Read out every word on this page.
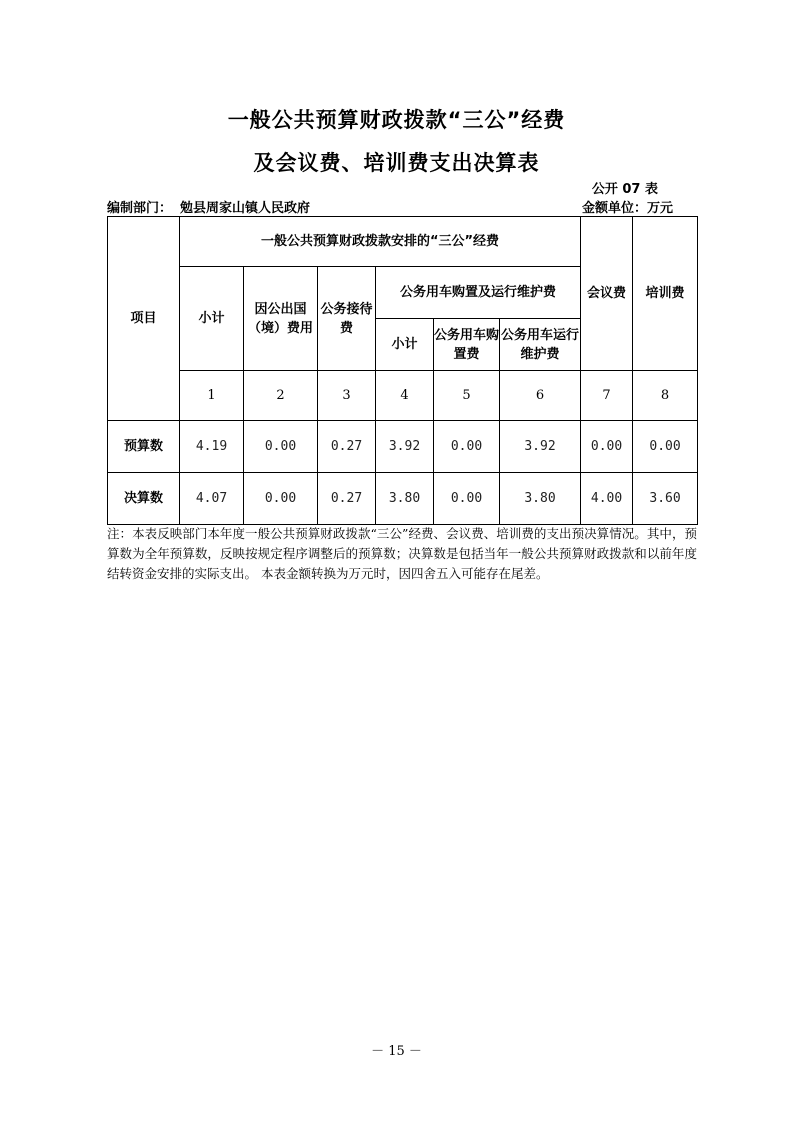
一般公共预算财政拨款“三公”经费
及会议费、培训费支出决算表
公开 07 表
编制部门： 勉县周家山镇人民政府	金额单位：万元
项目	一般公共预算财政拨款安排的“三公”经费						会议费	培训费
	小计	因公出国（境）费用	公务接待费	公务用车购置及运行维护费				
				小计	公务用车购置费	公务用车运行维护费		
	1	2	3	4	5	6	7	8
预算数	4.19	0.00	0.27	3.92	0.00	3.92	0.00	0.00
决算数	4.07	0.00	0.27	3.80	0.00	3.80	4.00	3.60
注：本表反映部门本年度一般公共预算财政拨款“三公”经费、会议费、培训费的支出预决算情况。其中，预算数为全年预算数，反映按规定程序调整后的预算数；决算数是包括当年一般公共预算财政拨款和以前年度结转资金安排的实际支出。 本表金额转换为万元时，因四舍五入可能存在尾差。
－ 15 －
